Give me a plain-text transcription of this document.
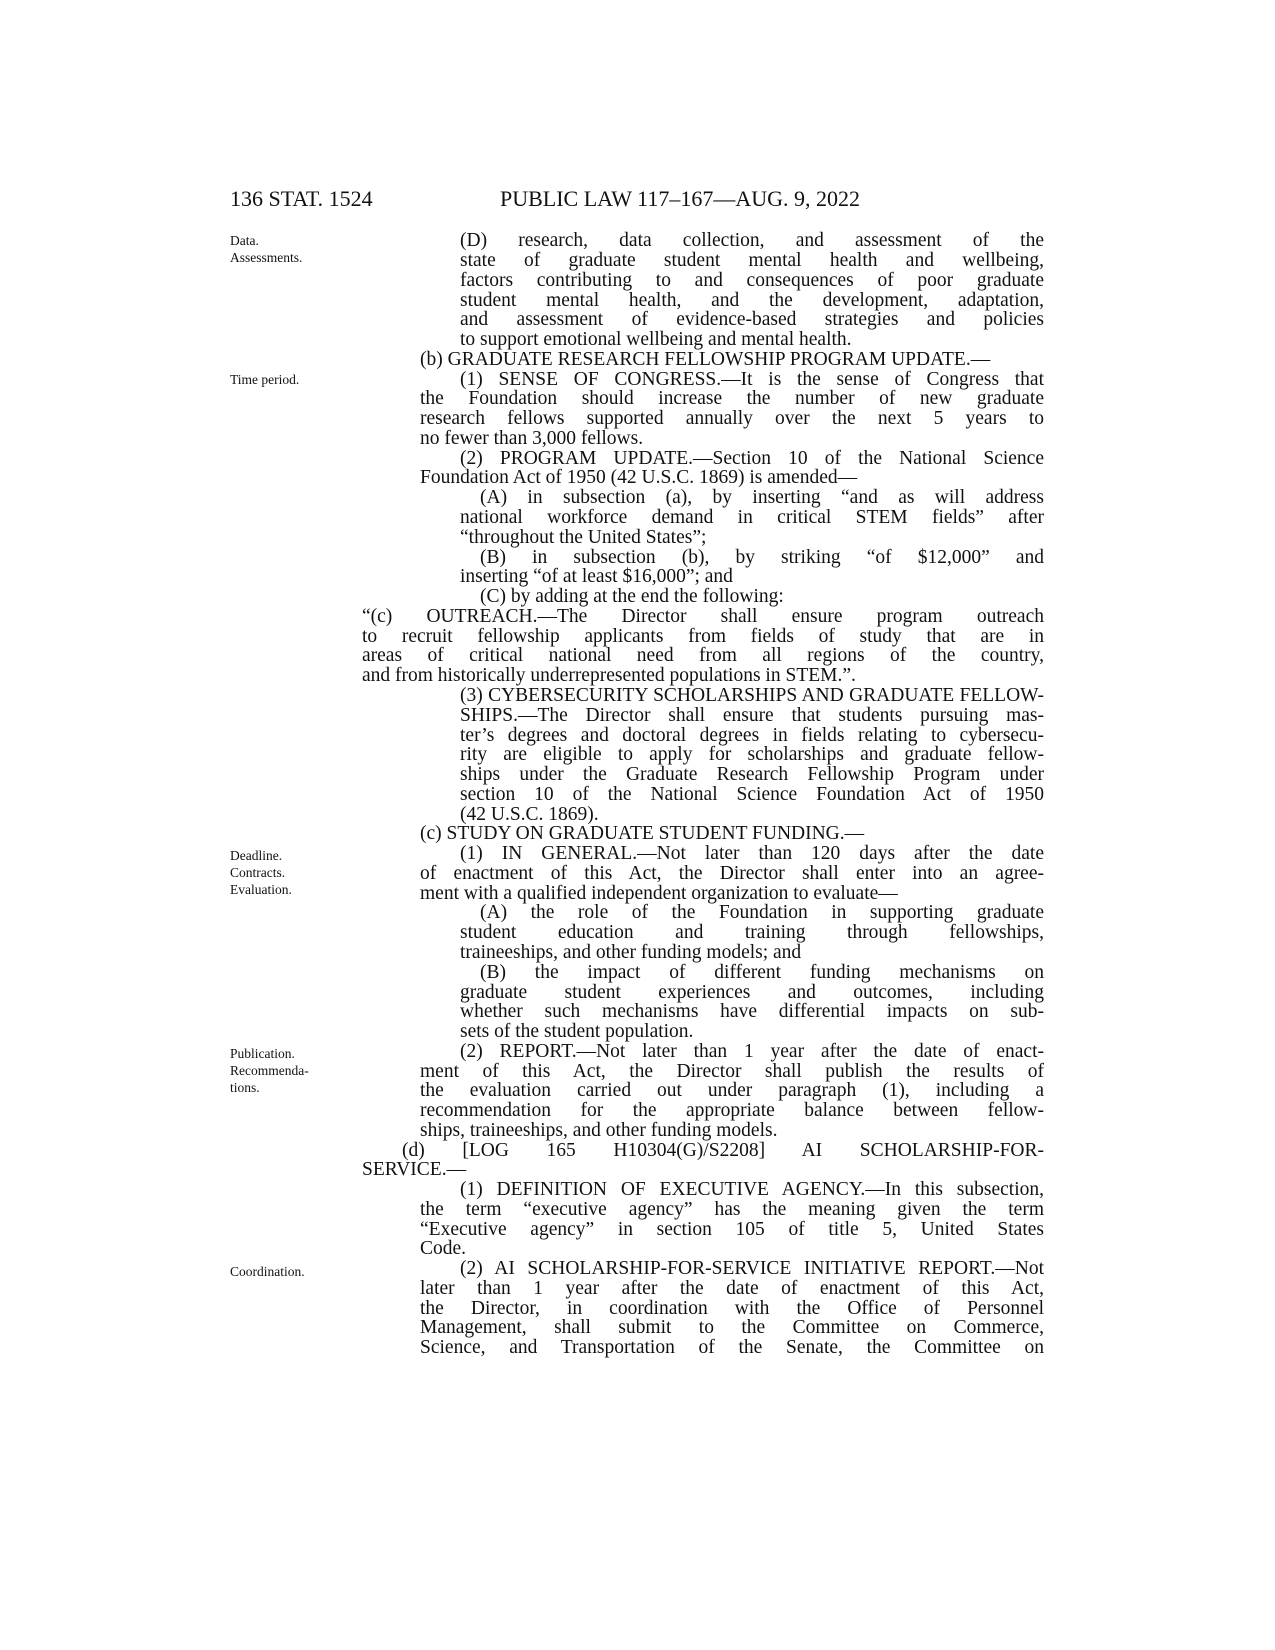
136 STAT. 1524	PUBLIC LAW 117–167—AUG. 9, 2022
Data.
Assessments.
Time period.
Deadline.
Contracts.
Evaluation.
Publication.
Recommenda-
tions.
Coordination.
(D) research, data collection, and assessment of the
state of graduate student mental health and wellbeing,
factors contributing to and consequences of poor graduate
student mental health, and the development, adaptation,
and assessment of evidence-based strategies and policies
to support emotional wellbeing and mental health.
(b) GRADUATE RESEARCH FELLOWSHIP PROGRAM UPDATE.—
(1) SENSE OF CONGRESS.—It is the sense of Congress that
the Foundation should increase the number of new graduate
research fellows supported annually over the next 5 years to
no fewer than 3,000 fellows.
(2) PROGRAM UPDATE.—Section 10 of the National Science
Foundation Act of 1950 (42 U.S.C. 1869) is amended—
(A) in subsection (a), by inserting “and as will address
national workforce demand in critical STEM fields” after
“throughout the United States”;
(B) in subsection (b), by striking “of $12,000” and
inserting “of at least $16,000”; and
(C) by adding at the end the following:
“(c) OUTREACH.—The Director shall ensure program outreach
to recruit fellowship applicants from fields of study that are in
areas of critical national need from all regions of the country,
and from historically underrepresented populations in STEM.”.
(3) CYBERSECURITY SCHOLARSHIPS AND GRADUATE FELLOW-
SHIPS.—The Director shall ensure that students pursuing mas-
ter’s degrees and doctoral degrees in fields relating to cybersecu-
rity are eligible to apply for scholarships and graduate fellow-
ships under the Graduate Research Fellowship Program under
section 10 of the National Science Foundation Act of 1950
(42 U.S.C. 1869).
(c) STUDY ON GRADUATE STUDENT FUNDING.—
(1) IN GENERAL.—Not later than 120 days after the date
of enactment of this Act, the Director shall enter into an agree-
ment with a qualified independent organization to evaluate—
(A) the role of the Foundation in supporting graduate
student education and training through fellowships,
traineeships, and other funding models; and
(B) the impact of different funding mechanisms on
graduate student experiences and outcomes, including
whether such mechanisms have differential impacts on sub-
sets of the student population.
(2) REPORT.—Not later than 1 year after the date of enact-
ment of this Act, the Director shall publish the results of
the evaluation carried out under paragraph (1), including a
recommendation for the appropriate balance between fellow-
ships, traineeships, and other funding models.
(d) [LOG 165 H10304(G)/S2208] AI SCHOLARSHIP-FOR-
SERVICE.—
(1) DEFINITION OF EXECUTIVE AGENCY.—In this subsection,
the term “executive agency” has the meaning given the term
“Executive agency” in section 105 of title 5, United States
Code.
(2) AI SCHOLARSHIP-FOR-SERVICE INITIATIVE REPORT.—Not
later than 1 year after the date of enactment of this Act,
the Director, in coordination with the Office of Personnel
Management, shall submit to the Committee on Commerce,
Science, and Transportation of the Senate, the Committee on
